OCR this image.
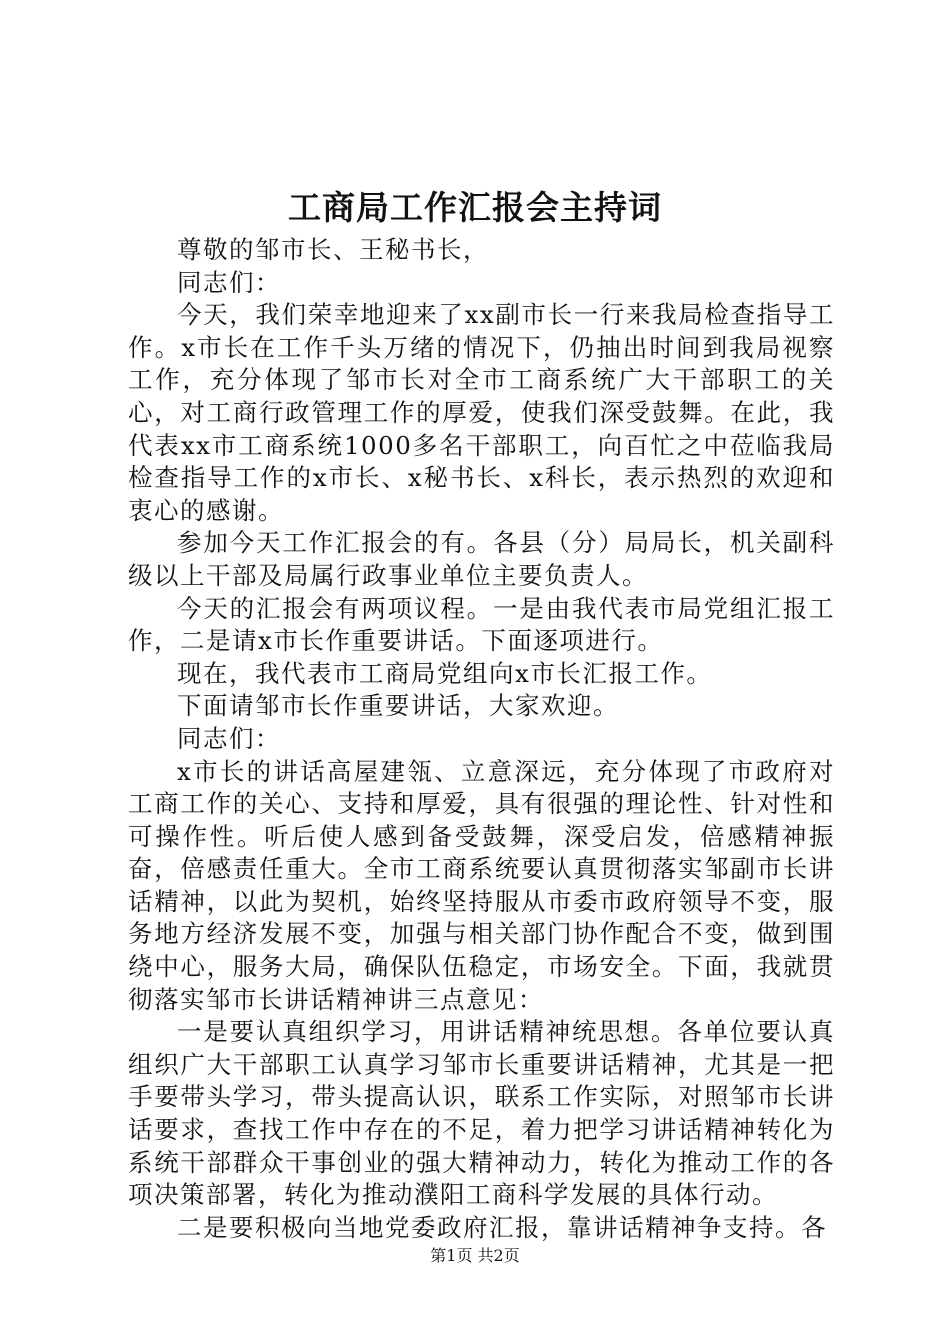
工商局工作汇报会主持词

尊敬的邹市长、王秘书长，

同志们：

今天，我们荣幸地迎来了xx副市长一行来我局检查指导工作。x市长在工作千头万绪的情况下，仍抽出时间到我局视察工作，充分体现了邹市长对全市工商系统广大干部职工的关心，对工商行政管理工作的厚爱，使我们深受鼓舞。在此，我代表xx市工商系统1000多名干部职工，向百忙之中莅临我局检查指导工作的x市长、x秘书长、x科长，表示热烈的欢迎和衷心的感谢。

参加今天工作汇报会的有。各县（分）局局长，机关副科级以上干部及局属行政事业单位主要负责人。

今天的汇报会有两项议程。一是由我代表市局党组汇报工作，二是请x市长作重要讲话。下面逐项进行。

现在，我代表市工商局党组向x市长汇报工作。

下面请邹市长作重要讲话，大家欢迎。

同志们：

x市长的讲话高屋建瓴、立意深远，充分体现了市政府对工商工作的关心、支持和厚爱，具有很强的理论性、针对性和可操作性。听后使人感到备受鼓舞，深受启发，倍感精神振奋，倍感责任重大。全市工商系统要认真贯彻落实邹副市长讲话精神，以此为契机，始终坚持服从市委市政府领导不变，服务地方经济发展不变，加强与相关部门协作配合不变，做到围绕中心，服务大局，确保队伍稳定，市场安全。下面，我就贯彻落实邹市长讲话精神讲三点意见：

一是要认真组织学习，用讲话精神统思想。各单位要认真组织广大干部职工认真学习邹市长重要讲话精神，尤其是一把手要带头学习，带头提高认识，联系工作实际，对照邹市长讲话要求，查找工作中存在的不足，着力把学习讲话精神转化为系统干部群众干事创业的强大精神动力，转化为推动工作的各项决策部署，转化为推动濮阳工商科学发展的具体行动。

二是要积极向当地党委政府汇报，靠讲话精神争支持。各

第1页 共2页
